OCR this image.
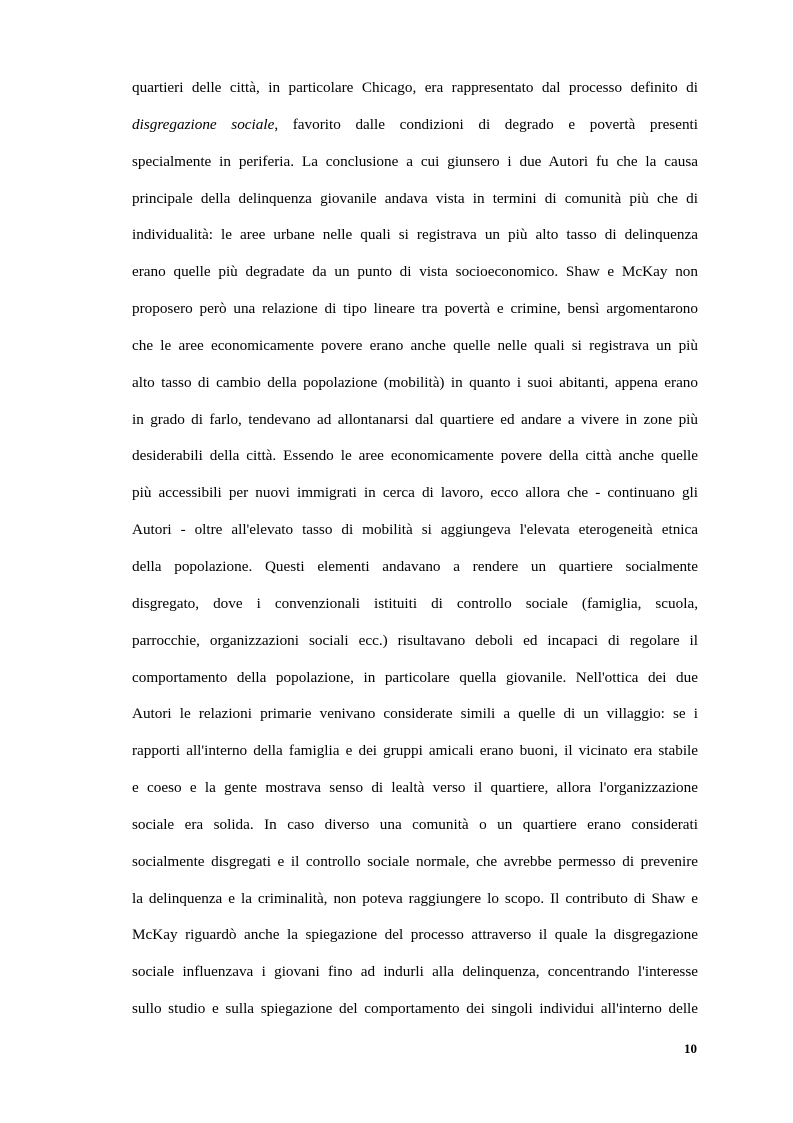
quartieri delle città, in particolare Chicago, era rappresentato dal processo definito di
disgregazione sociale, favorito dalle condizioni di degrado e povertà presenti
specialmente in periferia. La conclusione a cui giunsero i due Autori fu che la causa
principale della delinquenza giovanile andava vista in termini di comunità più che di
individualità: le aree urbane nelle quali si registrava un più alto tasso di delinquenza
erano quelle più degradate da un punto di vista socioeconomico. Shaw e McKay non
proposero però una relazione di tipo lineare tra povertà e crimine, bensì argomentarono
che le aree economicamente povere erano anche quelle nelle quali si registrava un più
alto tasso di cambio della popolazione (mobilità) in quanto i suoi abitanti, appena erano
in grado di farlo, tendevano ad allontanarsi dal quartiere ed andare a vivere in zone più
desiderabili della città. Essendo le aree economicamente povere della città anche quelle
più accessibili per nuovi immigrati in cerca di lavoro, ecco allora che - continuano gli
Autori - oltre all'elevato tasso di mobilità si aggiungeva l'elevata eterogeneità etnica
della popolazione. Questi elementi andavano a rendere un quartiere socialmente
disgregato, dove i convenzionali istituiti di controllo sociale (famiglia, scuola,
parrocchie, organizzazioni sociali ecc.) risultavano deboli ed incapaci di regolare il
comportamento della popolazione, in particolare quella giovanile. Nell'ottica dei due
Autori le relazioni primarie venivano considerate simili a quelle di un villaggio: se i
rapporti all'interno della famiglia e dei gruppi amicali erano buoni, il vicinato era stabile
e coeso e la gente mostrava senso di lealtà verso il quartiere, allora l'organizzazione
sociale era solida. In caso diverso una comunità o un quartiere erano considerati
socialmente disgregati e il controllo sociale normale, che avrebbe permesso di prevenire
la delinquenza e la criminalità, non poteva raggiungere lo scopo. Il contributo di Shaw e
McKay riguardò anche la spiegazione del processo attraverso il quale la disgregazione
sociale influenzava i giovani fino ad indurli alla delinquenza, concentrando l'interesse
sullo studio e sulla spiegazione del comportamento dei singoli individui all'interno delle
10
